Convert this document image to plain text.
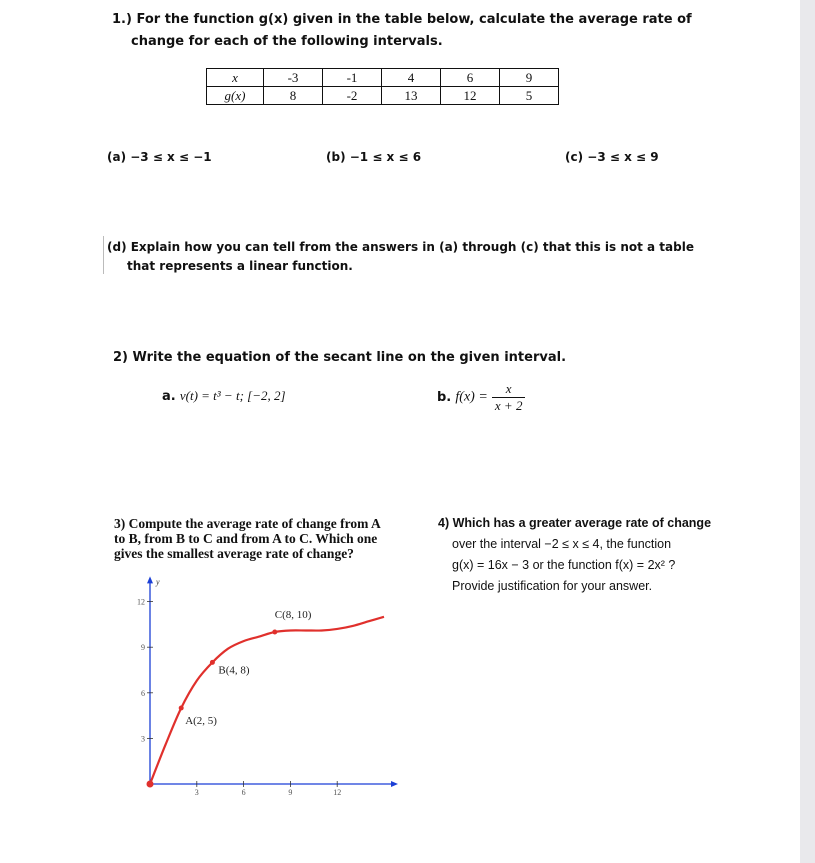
1.) For the function g(x) given in the table below, calculate the average rate of
change for each of the following intervals.
x	-3	-1	4	6	9
g(x)	8	-2	13	12	5
(a) −3 ≤ x ≤ −1	(b) −1 ≤ x ≤ 6	(c) −3 ≤ x ≤ 9
(d) Explain how you can tell from the answers in (a) through (c) that this is not a table
that represents a linear function.
2) Write the equation of the secant line on the given interval.
a. v(t) = t³ − t; [−2, 2]	b. $f(x) = \frac{x}{x + 2}$
3) Compute the average rate of change from A to B, from B to C and from A to C. Which one gives the smallest average rate of change?
y
3	6	9	12
3
6
9
12
A(2, 5)
B(4, 8)
C(8, 10)
4) Which has a greater average rate of change
over the interval −2 ≤ x ≤ 4, the function
g(x) = 16x − 3 or the function f(x) = 2x² ?
Provide justification for your answer.
